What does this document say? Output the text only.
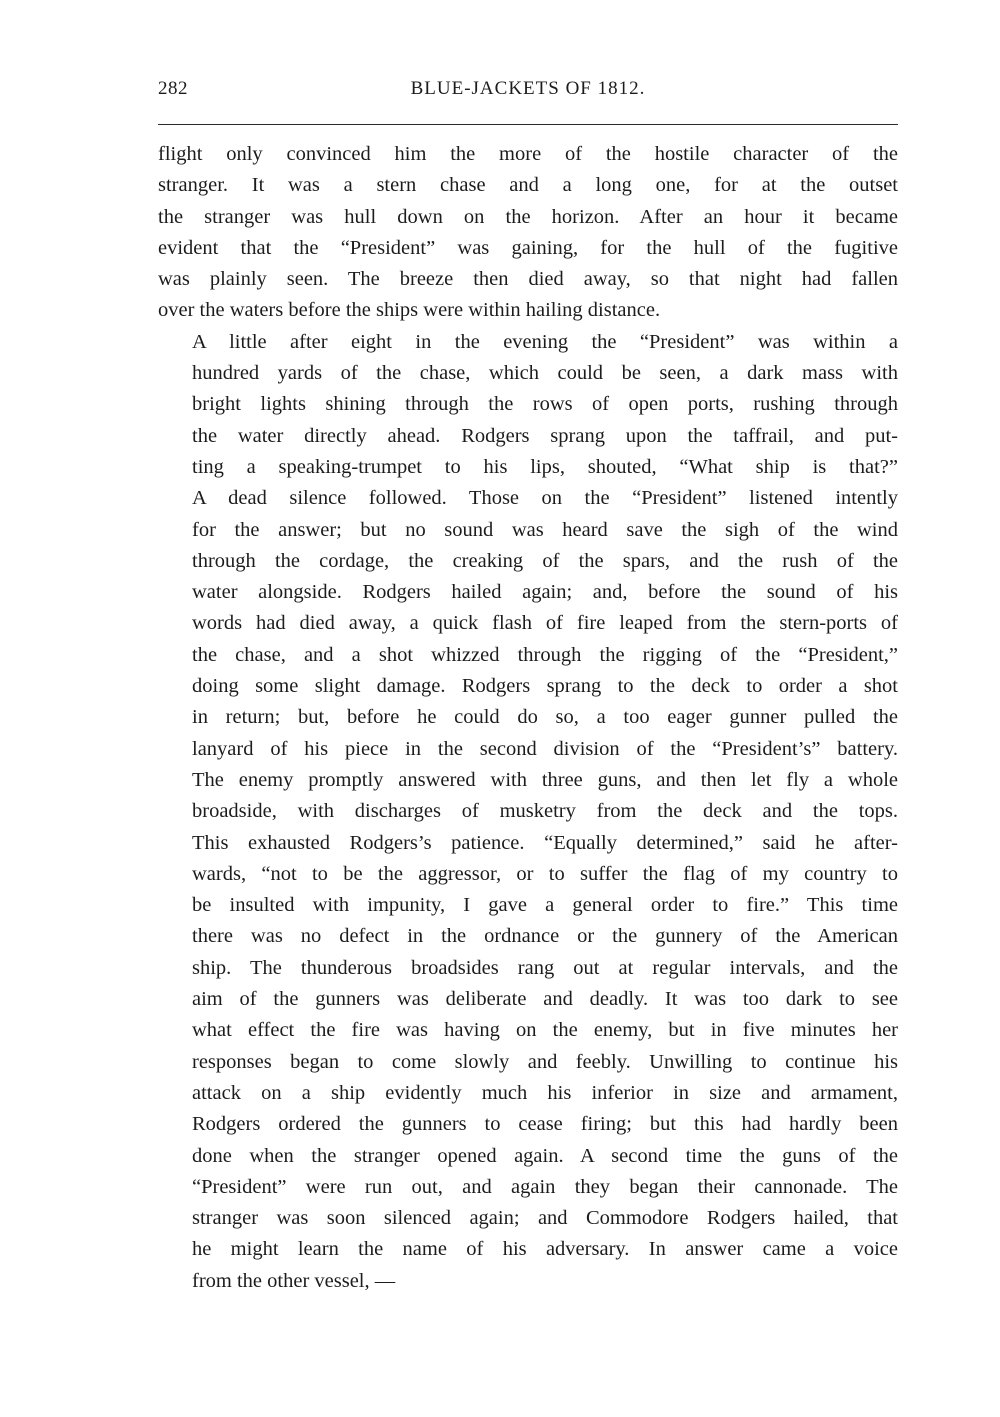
282	BLUE-JACKETS OF 1812.

flight only convinced him the more of the hostile character of the
stranger. It was a stern chase and a long one, for at the outset
the stranger was hull down on the horizon. After an hour it became
evident that the “President” was gaining, for the hull of the fugitive
was plainly seen. The breeze then died away, so that night had fallen
over the waters before the ships were within hailing distance.

A little after eight in the evening the “President” was within a
hundred yards of the chase, which could be seen, a dark mass with
bright lights shining through the rows of open ports, rushing through
the water directly ahead. Rodgers sprang upon the taffrail, and put-
ting a speaking-trumpet to his lips, shouted, “What ship is that?”
A dead silence followed. Those on the “President” listened intently
for the answer; but no sound was heard save the sigh of the wind
through the cordage, the creaking of the spars, and the rush of the
water alongside. Rodgers hailed again; and, before the sound of his
words had died away, a quick flash of fire leaped from the stern-ports of
the chase, and a shot whizzed through the rigging of the “President,”
doing some slight damage. Rodgers sprang to the deck to order a shot
in return; but, before he could do so, a too eager gunner pulled the
lanyard of his piece in the second division of the “President’s” battery.
The enemy promptly answered with three guns, and then let fly a whole
broadside, with discharges of musketry from the deck and the tops.
This exhausted Rodgers’s patience. “Equally determined,” said he after-
wards, “not to be the aggressor, or to suffer the flag of my country to
be insulted with impunity, I gave a general order to fire.” This time
there was no defect in the ordnance or the gunnery of the American
ship. The thunderous broadsides rang out at regular intervals, and the
aim of the gunners was deliberate and deadly. It was too dark to see
what effect the fire was having on the enemy, but in five minutes her
responses began to come slowly and feebly. Unwilling to continue his
attack on a ship evidently much his inferior in size and armament,
Rodgers ordered the gunners to cease firing; but this had hardly been
done when the stranger opened again. A second time the guns of the
“President” were run out, and again they began their cannonade. The
stranger was soon silenced again; and Commodore Rodgers hailed, that
he might learn the name of his adversary. In answer came a voice
from the other vessel, —
